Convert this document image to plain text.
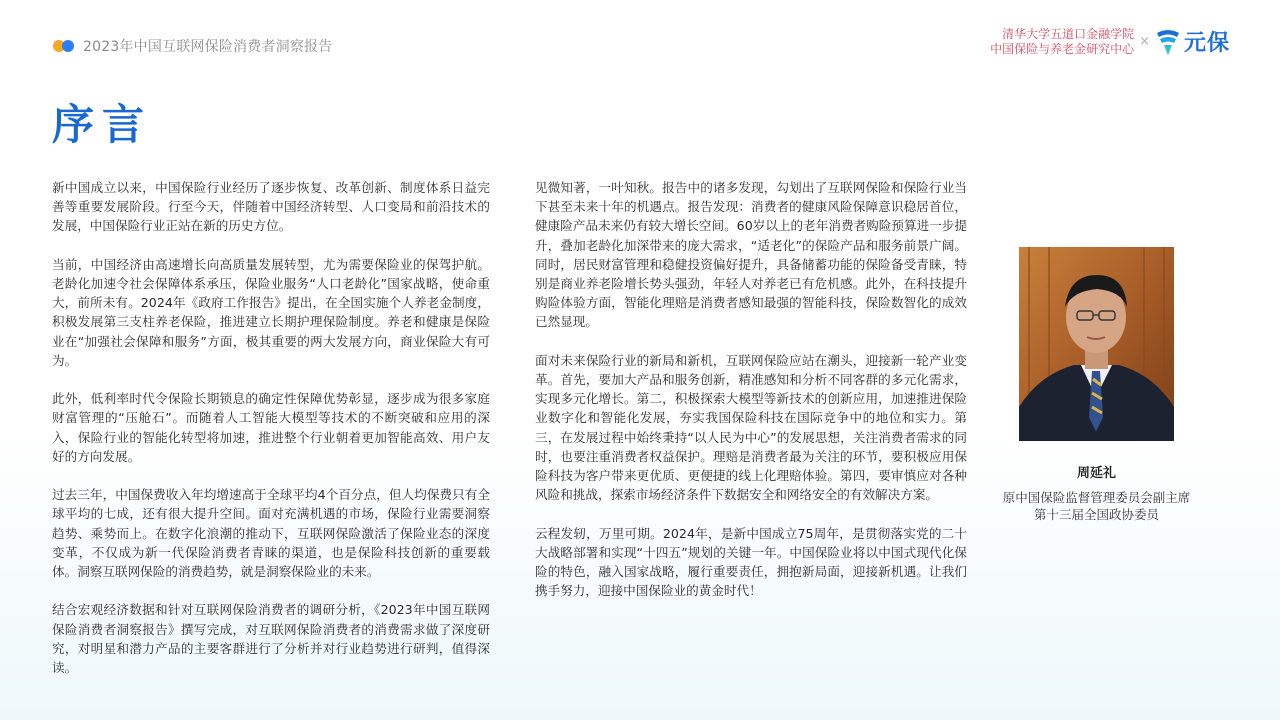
2023年中国互联网保险消费者洞察报告
清华大学五道口金融学院
中国保险与养老金研究中心 × 元保
序言

新中国成立以来，中国保险行业经历了逐步恢复、改革创新、制度体系日益完善等重要发展阶段。行至今天，伴随着中国经济转型、人口变局和前沿技术的发展，中国保险行业正站在新的历史方位。

当前，中国经济由高速增长向高质量发展转型，尤为需要保险业的保驾护航。老龄化加速令社会保障体系承压，保险业服务“人口老龄化”国家战略，使命重大，前所未有。2024年《政府工作报告》提出，在全国实施个人养老金制度，积极发展第三支柱养老保险，推进建立长期护理保险制度。养老和健康是保险业在“加强社会保障和服务”方面，极其重要的两大发展方向，商业保险大有可为。

此外，低利率时代令保险长期锁息的确定性保障优势彰显，逐步成为很多家庭财富管理的“压舱石”。而随着人工智能大模型等技术的不断突破和应用的深入，保险行业的智能化转型将加速，推进整个行业朝着更加智能高效、用户友好的方向发展。

过去三年，中国保费收入年均增速高于全球平均4个百分点，但人均保费只有全球平均的七成，还有很大提升空间。面对充满机遇的市场，保险行业需要洞察趋势、乘势而上。在数字化浪潮的推动下，互联网保险激活了保险业态的深度变革，不仅成为新一代保险消费者青睐的渠道，也是保险科技创新的重要载体。洞察互联网保险的消费趋势，就是洞察保险业的未来。

结合宏观经济数据和针对互联网保险消费者的调研分析，《2023年中国互联网保险消费者洞察报告》撰写完成，对互联网保险消费者的消费需求做了深度研究，对明星和潜力产品的主要客群进行了分析并对行业趋势进行研判，值得深读。

见微知著，一叶知秋。报告中的诸多发现，勾划出了互联网保险和保险行业当下甚至未来十年的机遇点。报告发现：消费者的健康风险保障意识稳居首位，健康险产品未来仍有较大增长空间。60岁以上的老年消费者购险预算进一步提升，叠加老龄化加深带来的庞大需求，“适老化”的保险产品和服务前景广阔。同时，居民财富管理和稳健投资偏好提升，具备储蓄功能的保险备受青睐，特别是商业养老险增长势头强劲，年轻人对养老已有危机感。此外，在科技提升购险体验方面，智能化理赔是消费者感知最强的智能科技，保险数智化的成效已然显现。

面对未来保险行业的新局和新机，互联网保险应站在潮头，迎接新一轮产业变革。首先，要加大产品和服务创新，精准感知和分析不同客群的多元化需求，实现多元化增长。第二，积极探索大模型等新技术的创新应用，加速推进保险业数字化和智能化发展，夯实我国保险科技在国际竞争中的地位和实力。第三，在发展过程中始终秉持“以人民为中心”的发展思想，关注消费者需求的同时，也要注重消费者权益保护。理赔是消费者最为关注的环节，要积极应用保险科技为客户带来更优质、更便捷的线上化理赔体验。第四，要审慎应对各种风险和挑战，探索市场经济条件下数据安全和网络安全的有效解决方案。

云程发轫，万里可期。2024年，是新中国成立75周年，是贯彻落实党的二十大战略部署和实现“十四五”规划的关键一年。中国保险业将以中国式现代化保险的特色，融入国家战略，履行重要责任，拥抱新局面，迎接新机遇。让我们携手努力，迎接中国保险业的黄金时代！

周延礼
原中国保险监督管理委员会副主席
第十三届全国政协委员
